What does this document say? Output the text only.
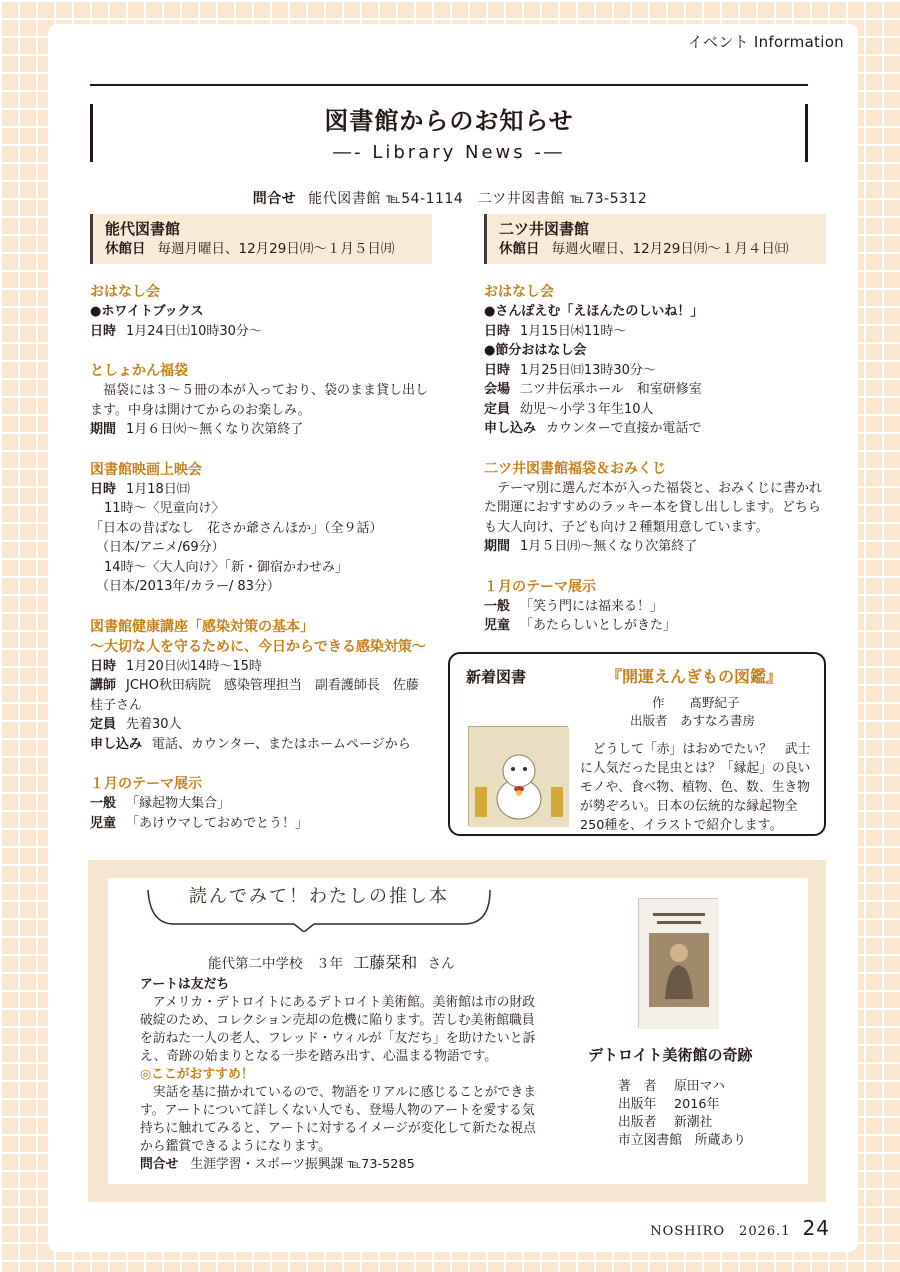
イベント Information
図書館からのお知らせ
―- Library News -―
問合せ 能代図書館 ℡54-1114　二ツ井図書館 ℡73-5312
能代図書館
休館日 毎週月曜日、12月29日㈪～１月５日㈪
二ツ井図書館
休館日 毎週火曜日、12月29日㈪～１月４日㈰
おはなし会
●ホワイトブックス
日時 1月24日㈯10時30分～
としょかん福袋
　福袋には３～５冊の本が入っており、袋のまま貸し出し
ます。中身は開けてからのお楽しみ。
期間 1月６日㈫～無くなり次第終了
図書館映画上映会
日時 1月18日㈰
11時～〈児童向け〉
「日本の昔ばなし　花さか爺さんほか」（全９話）
（日本/アニメ/69分）
14時～〈大人向け〉「新・御宿かわせみ」
（日本/2013年/カラー/ 83分）
図書館健康講座「感染対策の基本」
～大切な人を守るために、今日からできる感染対策～
日時 1月20日㈫14時～15時
講師 JCHO秋田病院　感染管理担当　副看護師長　佐藤
桂子さん
定員 先着30人
申し込み 電話、カウンター、またはホームページから
１月のテーマ展示
一般 「縁起物大集合」
児童 「あけウマしておめでとう！」
おはなし会
●さんぽえむ「えほんたのしいね！」
日時 1月15日㈭11時～
●節分おはなし会
日時 1月25日㈰13時30分～
会場 二ツ井伝承ホール　和室研修室
定員 幼児～小学３年生10人
申し込み カウンターで直接か電話で
二ツ井図書館福袋＆おみくじ
　テーマ別に選んだ本が入った福袋と、おみくじに書かれ
た開運におすすめのラッキー本を貸し出しします。どちら
も大人向け、子ども向け２種類用意しています。
期間 1月５日㈪～無くなり次第終了
１月のテーマ展示
一般 「笑う門には福来る！」
児童 「あたらしいとしがきた」
新着図書	『開運えんぎもの図鑑』
作　　髙野紀子
出版者　あすなろ書房
　どうして「赤」はおめでたい？　武士
に人気だった昆虫とは？「縁起」の良い
モノや、食べ物、植物、色、数、生き物
が勢ぞろい。日本の伝統的な縁起物全
250種を、イラストで紹介します。
読んでみて！わたしの推し本
能代第二中学校　３年 工藤栞和 さん
アートは友だち
　アメリカ・デトロイトにあるデトロイト美術館。美術館は市の財政
破綻のため、コレクション売却の危機に陥ります。苦しむ美術館職員
を訪ねた一人の老人、フレッド・ウィルが「友だち」を助けたいと訴
え、奇跡の始まりとなる一歩を踏み出す、心温まる物語です。
◎ここがおすすめ！
　実話を基に描かれているので、物語をリアルに感じることができま
す。アートについて詳しくない人でも、登場人物のアートを愛する気
持ちに触れてみると、アートに対するイメージが変化して新たな視点
から鑑賞できるようになります。
問合せ 生涯学習・スポーツ振興課 ℡73-5285
デトロイト美術館の奇跡
著　者 原田マハ
出版年 2016年
出版者 新潮社
市立図書館　所蔵あり
NOSHIRO　2026.1 24
